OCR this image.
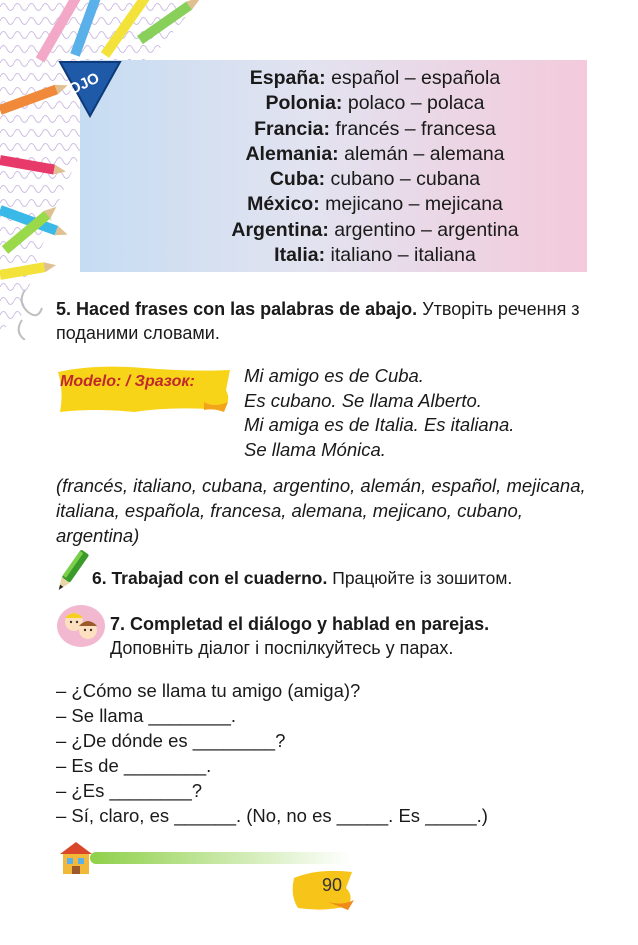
OJO	España: español – española
Polonia: polaco – polaca
Francia: francés – francesa
Alemania: alemán – alemana
Cuba: cubano – cubana
México: mejicano – mejicana
Argentina: argentino – argentina
Italia: italiano – italiana
5. Haced frases con las palabras de abajo. Утворіть речення з поданими словами.
Modelo: / Зразок:	Mi amigo es de Cuba.
Es cubano. Se llama Alberto.
Mi amiga es de Italia. Es italiana.
Se llama Mónica.
(francés, italiano, cubana, argentino, alemán, español, mejicana, italiana, española, francesa, alemana, mejicano, cubano, argentina)
6. Trabajad con el cuaderno. Працюйте із зошитом.
7. Completad el diálogo y hablad en parejas.
Доповніть діалог і поспілкуйтесь у парах.
– ¿Cómo se llama tu amigo (amiga)?
– Se llama ________.
– ¿De dónde es ________?
– Es de ________.
– ¿Es ________?
– Sí, claro, es ______. (No, no es _____. Es _____.)
90
